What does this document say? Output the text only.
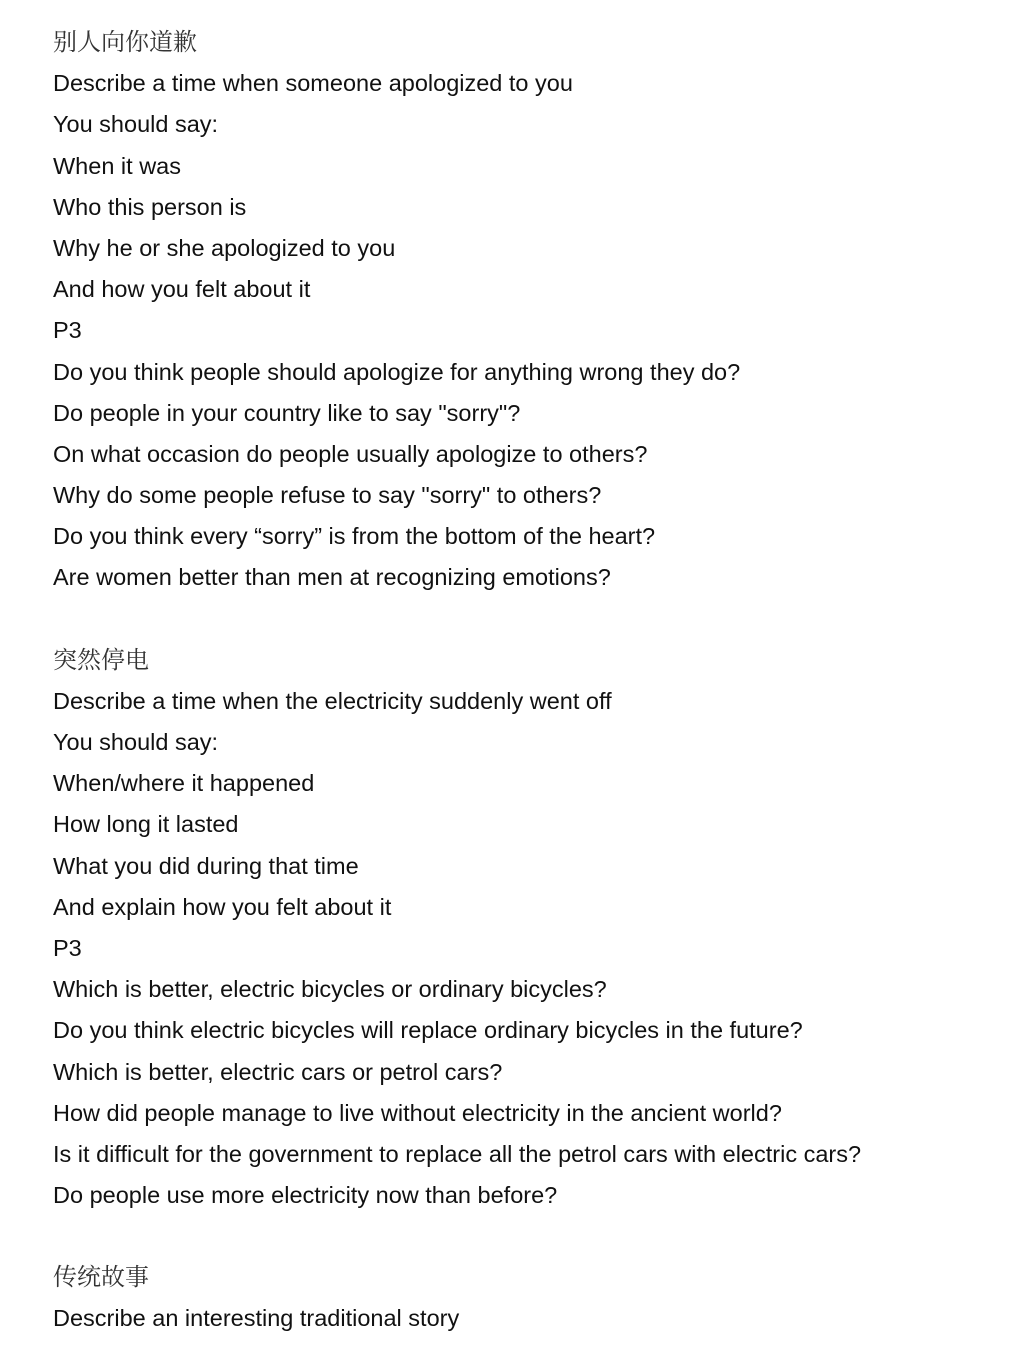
别人向你道歉
Describe a time when someone apologized to you
You should say:
When it was
Who this person is
Why he or she apologized to you
And how you felt about it
P3
Do you think people should apologize for anything wrong they do?
Do people in your country like to say "sorry"?
On what occasion do people usually apologize to others?
Why do some people refuse to say "sorry" to others?
Do you think every “sorry” is from the bottom of the heart?
Are women better than men at recognizing emotions?
突然停电
Describe a time when the electricity suddenly went off
You should say:
When/where it happened
How long it lasted
What you did during that time
And explain how you felt about it
P3
Which is better, electric bicycles or ordinary bicycles?
Do you think electric bicycles will replace ordinary bicycles in the future?
Which is better, electric cars or petrol cars?
How did people manage to live without electricity in the ancient world?
Is it difficult for the government to replace all the petrol cars with electric cars?
Do people use more electricity now than before?
传统故事
Describe an interesting traditional story
